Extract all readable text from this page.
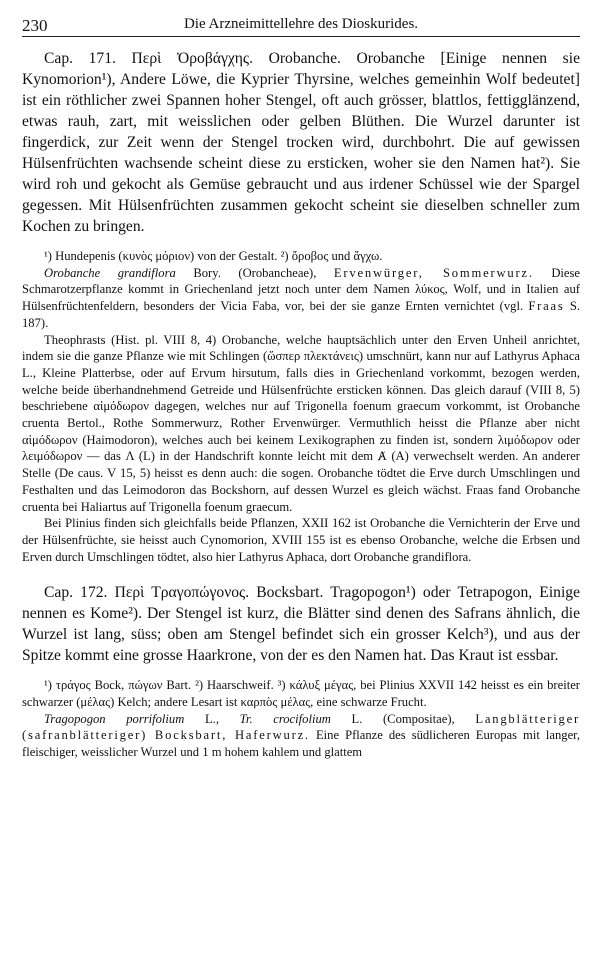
230	Die Arzneimittellehre des Dioskurides.

Cap. 171. Περὶ Ὀροβάγχης. Orobanche. Orobanche [Einige nennen sie Kynomorion¹), Andere Löwe, die Kyprier Thyrsine, welches gemeinhin Wolf bedeutet] ist ein röthlicher zwei Spannen hoher Stengel, oft auch grösser, blattlos, fettigglänzend, etwas rauh, zart, mit weisslichen oder gelben Blüthen. Die Wurzel darunter ist fingerdick, zur Zeit wenn der Stengel trocken wird, durchbohrt. Die auf gewissen Hülsenfrüchten wachsende scheint diese zu ersticken, woher sie den Namen hat²). Sie wird roh und gekocht als Gemüse gebraucht und aus irdener Schüssel wie der Spargel gegessen. Mit Hülsenfrüchten zusammen gekocht scheint sie dieselben schneller zum Kochen zu bringen.

¹) Hundepenis (κυνὸς μόριον) von der Gestalt. ²) ὄροβος und ἄγχω.

Orobanche grandiflora Bory. (Orobancheae), Ervenwürger, Sommerwurz. Diese Schmarotzerpflanze kommt in Griechenland jetzt noch unter dem Namen λύκος, Wolf, und in Italien auf Hülsenfrüchtenfeldern, besonders der Vicia Faba, vor, bei der sie ganze Ernten vernichtet (vgl. Fraas S. 187).

Theophrasts (Hist. pl. VIII 8, 4) Orobanche, welche hauptsächlich unter den Erven Unheil anrichtet, indem sie die ganze Pflanze wie mit Schlingen (ὥσπερ πλεκτάνεις) umschnürt, kann nur auf Lathyrus Aphaca L., Kleine Platterbse, oder auf Ervum hirsutum, falls dies in Griechenland vorkommt, bezogen werden, welche beide überhandnehmend Getreide und Hülsenfrüchte ersticken können. Das gleich darauf (VIII 8, 5) beschriebene αἱμόδωρον dagegen, welches nur auf Trigonella foenum graecum vorkommt, ist Orobanche cruenta Bertol., Rothe Sommerwurz, Rother Ervenwürger. Vermuthlich heisst die Pflanze aber nicht αἱμόδωρον (Haimodoron), welches auch bei keinem Lexikographen zu finden ist, sondern λιμόδωρον oder λειμόδωρον — das Λ (L) in der Handschrift konnte leicht mit dem Ⱥ (A) verwechselt werden. An anderer Stelle (De caus. V 15, 5) heisst es denn auch: die sogen. Orobanche tödtet die Erve durch Umschlingen und Festhalten und das Leimodoron das Bockshorn, auf dessen Wurzel es gleich wächst. Fraas fand Orobanche cruenta bei Haliartus auf Trigonella foenum graecum.

Bei Plinius finden sich gleichfalls beide Pflanzen, XXII 162 ist Orobanche die Vernichterin der Erve und der Hülsenfrüchte, sie heisst auch Cynomorion, XVIII 155 ist es ebenso Orobanche, welche die Erbsen und Erven durch Umschlingen tödtet, also hier Lathyrus Aphaca, dort Orobanche grandiflora.

Cap. 172. Περὶ Τραγοπώγονος. Bocksbart. Tragopogon¹) oder Tetrapogon, Einige nennen es Kome²). Der Stengel ist kurz, die Blätter sind denen des Safrans ähnlich, die Wurzel ist lang, süss; oben am Stengel befindet sich ein grosser Kelch³), und aus der Spitze kommt eine grosse Haarkrone, von der es den Namen hat. Das Kraut ist essbar.

¹) τράγος Bock, πώγων Bart. ²) Haarschweif. ³) κάλυξ μέγας, bei Plinius XXVII 142 heisst es ein breiter schwarzer (μέλας) Kelch; andere Lesart ist καρπὸς μέλας, eine schwarze Frucht.

Tragopogon porrifolium L., Tr. crocifolium L. (Compositae), Langblätteriger (safranblätteriger) Bocksbart, Haferwurz. Eine Pflanze des südlicheren Europas mit langer, fleischiger, weisslicher Wurzel und 1 m hohem kahlem und glattem
